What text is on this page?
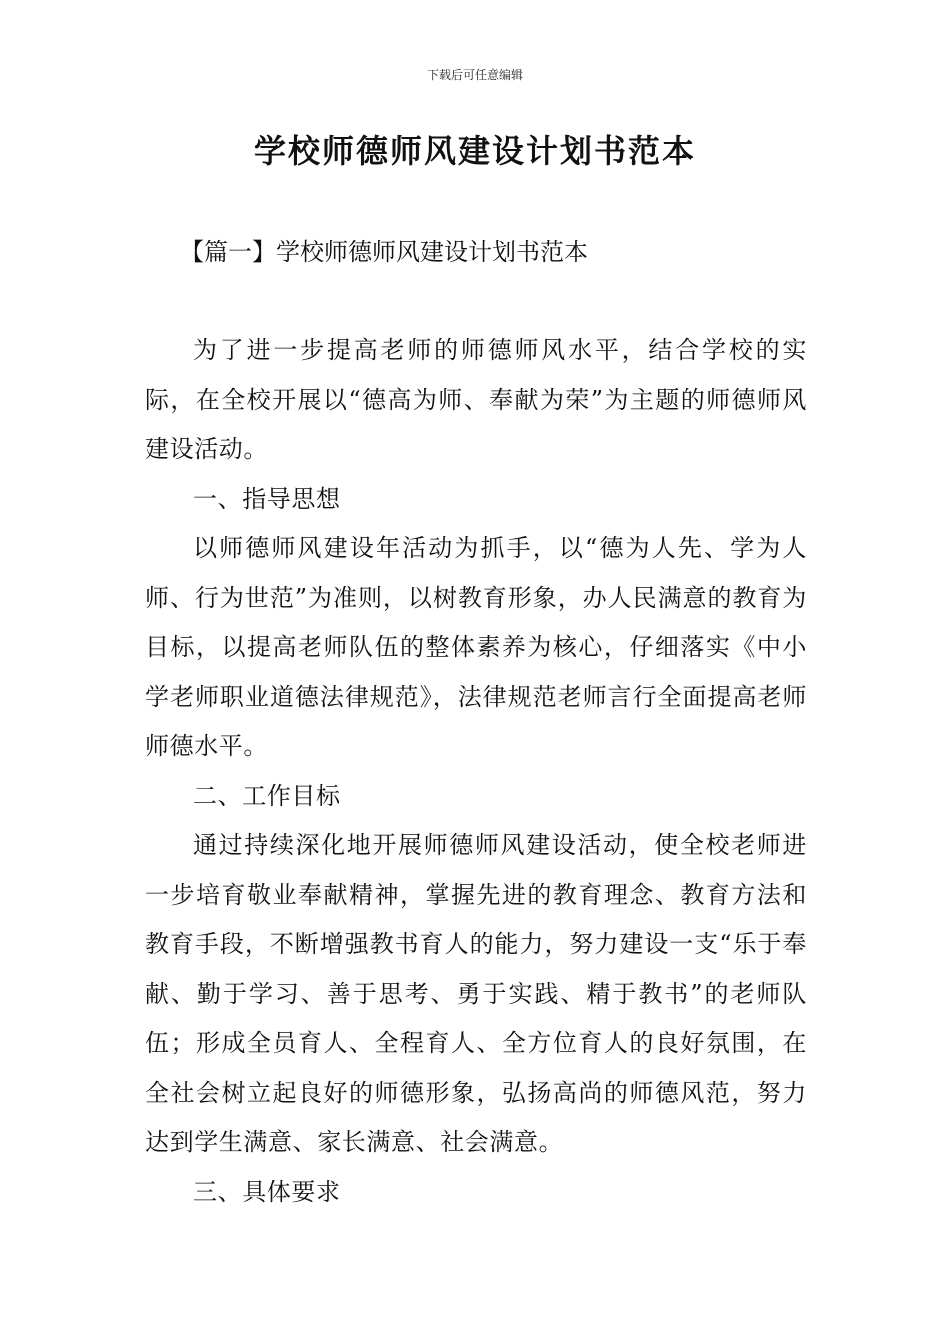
下载后可任意编辑
学校师德师风建设计划书范本
【篇一】学校师德师风建设计划书范本

为了进一步提高老师的师德师风水平，结合学校的实际，在全校开展以“德高为师、奉献为荣”为主题的师德师风建设活动。

一、指导思想

以师德师风建设年活动为抓手，以“德为人先、学为人师、行为世范”为准则，以树教育形象，办人民满意的教育为目标，以提高老师队伍的整体素养为核心，仔细落实《中小学老师职业道德法律规范》，法律规范老师言行全面提高老师师德水平。

二、工作目标

通过持续深化地开展师德师风建设活动，使全校老师进一步培育敬业奉献精神，掌握先进的教育理念、教育方法和教育手段，不断增强教书育人的能力，努力建设一支“乐于奉献、勤于学习、善于思考、勇于实践、精于教书”的老师队伍；形成全员育人、全程育人、全方位育人的良好氛围，在全社会树立起良好的师德形象，弘扬高尚的师德风范，努力达到学生满意、家长满意、社会满意。

三、具体要求
